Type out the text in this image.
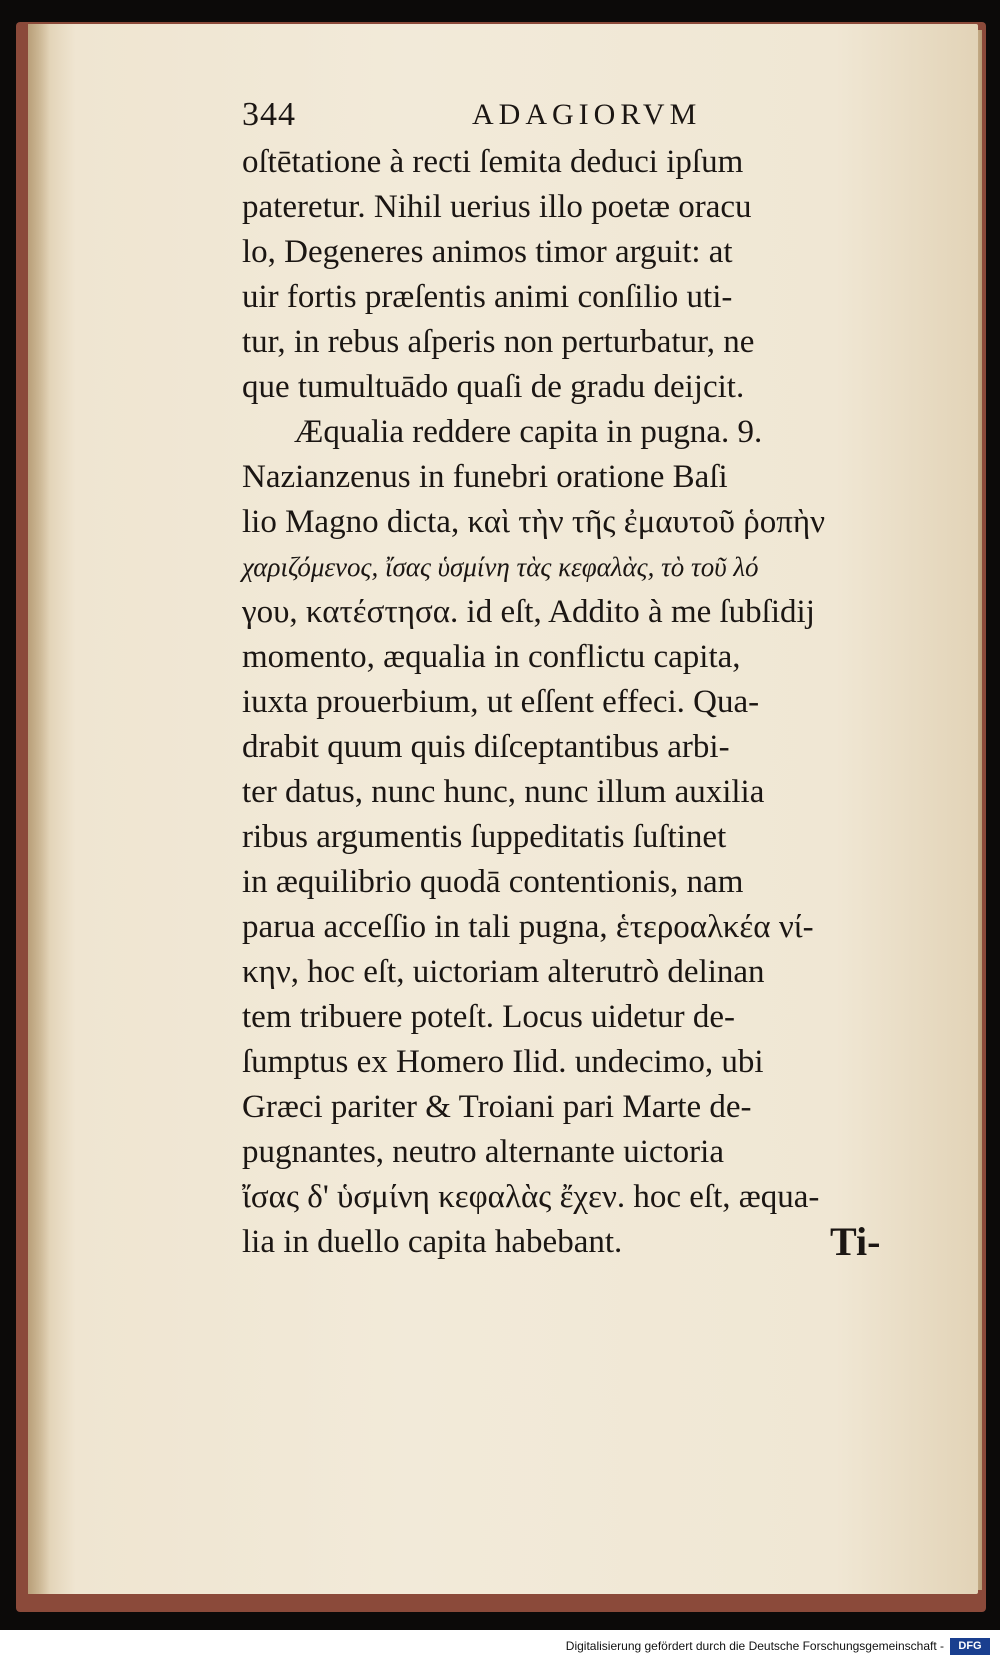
344	ADAGIORVM
oſtētatione à recti ſemita deduci ipſum
pateretur. Nihil uerius illo poetæ oracu
lo, Degeneres animos timor arguit: at
uir fortis præſentis animi conſilio uti-
tur, in rebus aſperis non perturbatur, ne
que tumultuādo quaſi de gradu deijcit.
Æqualia reddere capita in pugna. 9.
Nazianzenus in funebri oratione Baſi
lio Magno dicta, καὶ τὴν τῆς ἐμαυτοῦ ῥοπὴν
χαριζόμενος, ἴσας ὑσμίνη τὰς κεφαλὰς, τὸ τοῦ λό
γου, κατέστησα. id eſt, Addito à me ſubſidij
momento, æqualia in conflictu capita,
iuxta prouerbium, ut eſſent effeci. Qua-
drabit quum quis diſceptantibus arbi-
ter datus, nunc hunc, nunc illum auxilia
ribus argumentis ſuppeditatis ſuſtinet
in æquilibrio quodā contentionis, nam
parua acceſſio in tali pugna, ἑτεροαλκέα νί-
κην, hoc eſt, uictoriam alterutrò delinan
tem tribuere poteſt. Locus uidetur de-
ſumptus ex Homero Ilid. undecimo, ubi
Græci pariter & Troiani pari Marte de-
pugnantes, neutro alternante uictoria
ἴσας δ' ὑσμίνη κεφαλὰς ἔχεν. hoc eſt, æqua-
lia in duello capita habebant.	Ti-
Digitalisierung gefördert durch die Deutsche Forschungsgemeinschaft -	DFG
